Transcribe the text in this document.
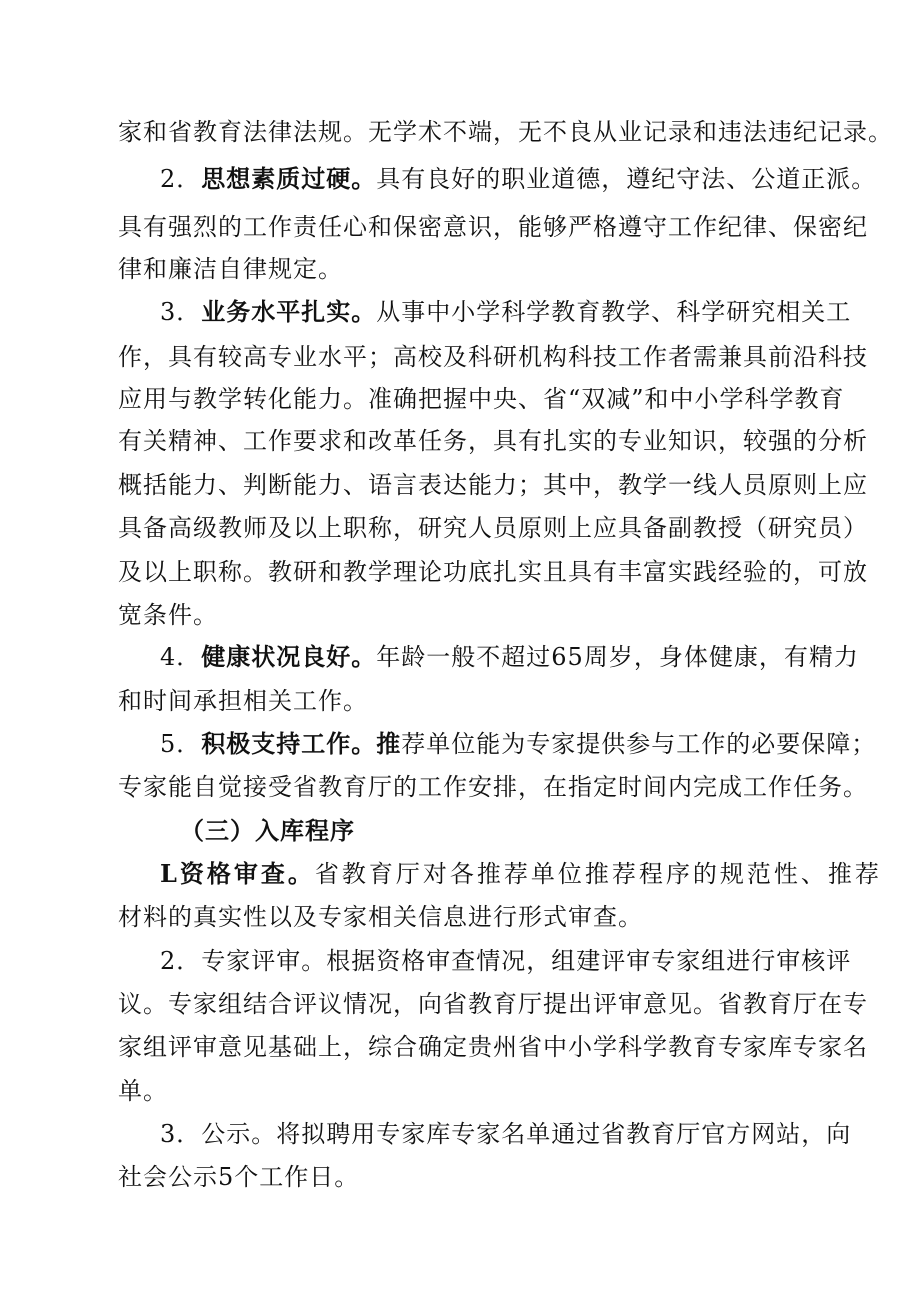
家和省教育法律法规。无学术不端，无不良从业记录和违法违纪记录。
2．思想素质过硬。具有良好的职业道德，遵纪守法、公道正派。
具有强烈的工作责任心和保密意识，能够严格遵守工作纪律、保密纪
律和廉洁自律规定。
3．业务水平扎实。从事中小学科学教育教学、科学研究相关工
作，具有较高专业水平；高校及科研机构科技工作者需兼具前沿科技
应用与教学转化能力。准确把握中央、省“双减”和中小学科学教育
有关精神、工作要求和改革任务，具有扎实的专业知识，较强的分析
概括能力、判断能力、语言表达能力；其中，教学一线人员原则上应
具备高级教师及以上职称，研究人员原则上应具备副教授（研究员）
及以上职称。教研和教学理论功底扎实且具有丰富实践经验的，可放
宽条件。
4．健康状况良好。年龄一般不超过65周岁，身体健康，有精力
和时间承担相关工作。
5．积极支持工作。推荐单位能为专家提供参与工作的必要保障；
专家能自觉接受省教育厅的工作安排，在指定时间内完成工作任务。
（三）入库程序
L资格审查。省教育厅对各推荐单位推荐程序的规范性、推荐
材料的真实性以及专家相关信息进行形式审查。
2．专家评审。根据资格审查情况，组建评审专家组进行审核评
议。专家组结合评议情况，向省教育厅提出评审意见。省教育厅在专
家组评审意见基础上，综合确定贵州省中小学科学教育专家库专家名
单。
3．公示。将拟聘用专家库专家名单通过省教育厅官方网站，向
社会公示5个工作日。
